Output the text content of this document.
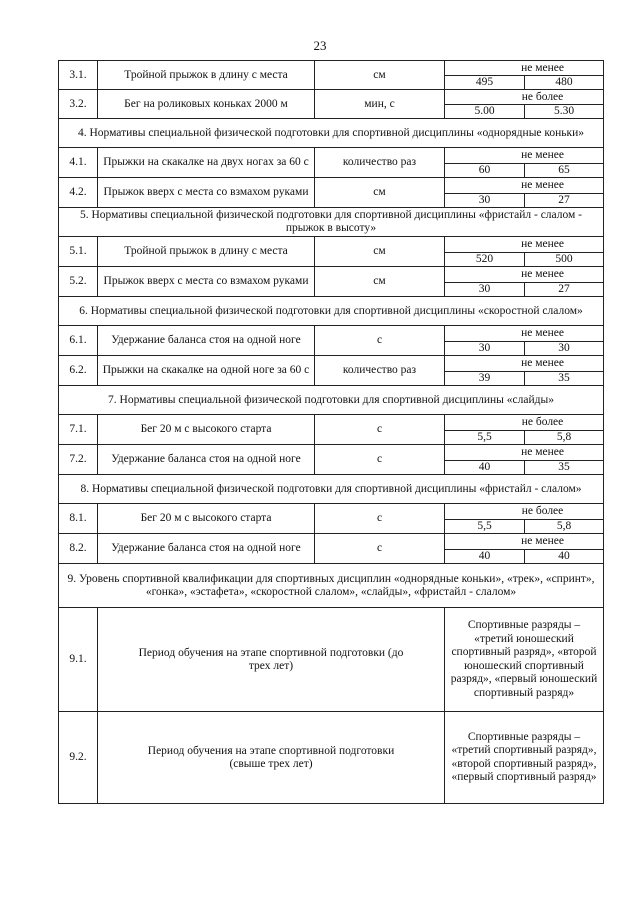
23
3.1.	Тройной прыжок в длину с места	см	не менее	
			495	480
3.2.	Бег на роликовых коньках 2000 м	мин, с	не более	
			5.00	5.30
4. Нормативы специальной физической подготовки для спортивной дисциплины «однорядные коньки»				
4.1.	Прыжки на скакалке на двух ногах за 60 с	количество раз	не менее	
			60	65
4.2.	Прыжок вверх с места со взмахом руками	см	не менее	
			30	27
5. Нормативы специальной физической подготовки для спортивной дисциплины «фристайл - слалом - прыжок в высоту»				
5.1.	Тройной прыжок в длину с места	см	не менее	
			520	500
5.2.	Прыжок вверх с места со взмахом руками	см	не менее	
			30	27
6. Нормативы специальной физической подготовки для спортивной дисциплины «скоростной слалом»				
6.1.	Удержание баланса стоя на одной ноге	с	не менее	
			30	30
6.2.	Прыжки на скакалке на одной ноге за 60 с	количество раз	не менее	
			39	35
7. Нормативы специальной физической подготовки для спортивной дисциплины «слайды»				
7.1.	Бег 20 м с высокого старта	с	не более	
			5,5	5,8
7.2.	Удержание баланса стоя на одной ноге	с	не менее	
			40	35
8. Нормативы специальной физической подготовки для спортивной дисциплины «фристайл - слалом»				
8.1.	Бег 20 м с высокого старта	с	не более	
			5,5	5,8
8.2.	Удержание баланса стоя на одной ноге	с	не менее	
			40	40
9. Уровень спортивной квалификации для спортивных дисциплин «однорядные коньки», «трек», «спринт», «гонка», «эстафета», «скоростной слалом», «слайды», «фристайл - слалом»				
9.1.	Период обучения на этапе спортивной подготовки (до трех лет)		Спортивные разряды – «третий юношеский спортивный разряд», «второй юношеский спортивный разряд», «первый юношеский спортивный разряд»	
9.2.	Период обучения на этапе спортивной подготовки (свыше трех лет)		Спортивные разряды – «третий спортивный разряд», «второй спортивный разряд», «первый спортивный разряд»	
